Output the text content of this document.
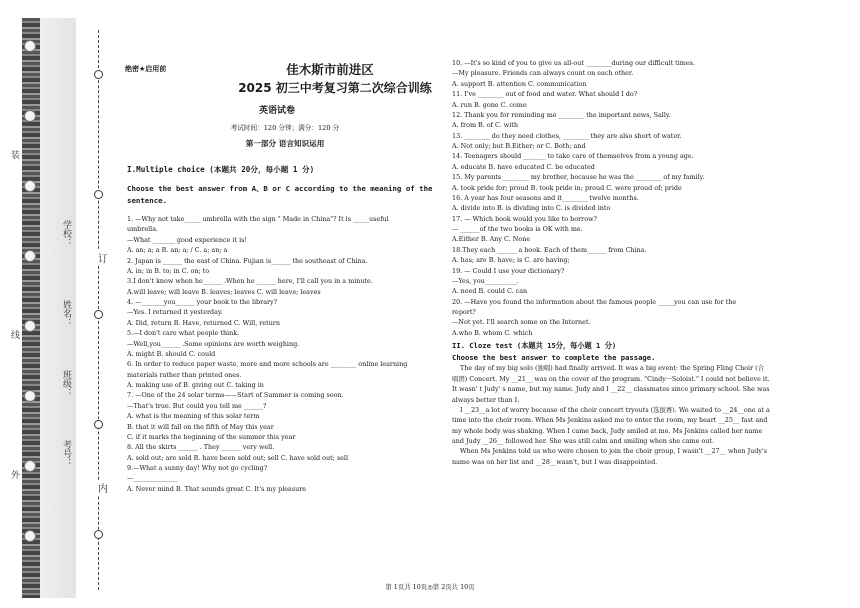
订
内
学校：
姓名：
班级：
考号：
外
装
线
绝密★启用前	佳木斯市前进区
2025 初三中考复习第二次综合训练
英语试卷
考试时间：120 分钟；满分：120 分
第一部分 语言知识运用
I.Multiple choice (本题共 20分，每小题 1 分)
Choose the best answer from A、B or C according to the meaning of the sentence.
1. —Why not take_____ umbrella with the sign " Made in China"? It is _____useful
umbrella.
—What _______ good experience it is!
A. an; a; a B. an; a; / C. a; an; a
2. Japan is ______ the east of China. Fujian is______ the southeast of China.
A. in; in B. to; in C. on; to
3.I don't know when he______ .When he ______ here, I'll call you in a minute.
A.will leave; will leave B. leaves; leaves C. will leave; leaves
4. —_______you______ your book to the library?
—Yes. I returned it yesterday.
A. Did, return B. Have, returned C. Will, return
5.—I don't care what people think.
—Well,you______ .Some opinions are worth weighing.
A. might B. should C. could
6. In order to reduce paper waste, more and more schools are ________ online learning
materials rather than printed ones.
A. making use of B. giving out C. taking in
7. —One of the 24 solar terms——Start of Summer is coming soon.
—That's true. But could you tell me ______?
A. what is the meaning of this solar term
B. that it will fall on the fifth of May this year
C. if it marks the beginning of the summer this year
8. All the skirts ______ . They ______ very well.
A. sold out; are sold B. have been sold out; sell C. have sold out; sell
9.—What a sunny day! Why not go cycling?
—______________
A. Never mind B. That sounds great C. It's my pleasure
10. —It's so kind of you to give us all-out ________during our difficult times.
—My pleasure. Friends can always count on each other.
A. support B. attention C. communication
11. I've ________ out of food and water. What should I do?
A. run B. gone C. come
12. Thank you for reminding me ________ the important news, Sally.
A. from B. of C. with
13. ________ do they need clothes, ________ they are also short of water.
A. Not only; but B.Either; or C. Both; and
14. Teenagers should _______ to take care of themselves from a young age.
A. educate B. have educated C. be educated
15. My parents ________ my brother, because he was the ________ of my family.
A. took pride for; proud B. took pride in; proud C. were proud of; pride
16. A year has four seasons and it________ twelve months.
A. divide into B. is dividing into C. is divided into
17. — Which book would you like to borrow?
— ______of the two books is OK with me.
A.Either B. Any C. None
18.They each ______ a book. Each of them______ from China.
A. has; are B. have; is C. are having;
19. — Could I use your dictionary?
—Yes, you__________.
A. need B. could C. can
20. —Have you found the information about the famous people _____you can use for the
report?
—Not yet. I'll search some on the Internet.
A.who B. whom C. which
II. Cloze test (本题共 15分，每小题 1 分)
Choose the best answer to complete the passage.
The day of my big solo (独唱) had finally arrived. It was a big event: the Spring Fling Choir (合唱团) Concert. My __21__ was on the cover of the program. "Cindy···Soloist." I could not believe it. It wasn' t Judy' s name, but my name. Judy and I __22__ classmates since primary school. She was always better than I.
I __23__a lot of worry because of the choir concert tryouts (选拔赛). We waited to __24__one at a time into the choir room. When Ms Jenkins asked me to enter the room, my heart __25__ fast and my whole body was shaking. When I came back, Judy smiled at me. Ms Jenkins called her name and Judy __26__ followed her. She was still calm and smiling when she came out.
When Ms Jenkins told us who were chosen to join the choir group, I wasn't __27__ when Judy's name was on her list and __28__wasn't, but I was disappointed.
第 1页共 10页◎第 2页共 10页
